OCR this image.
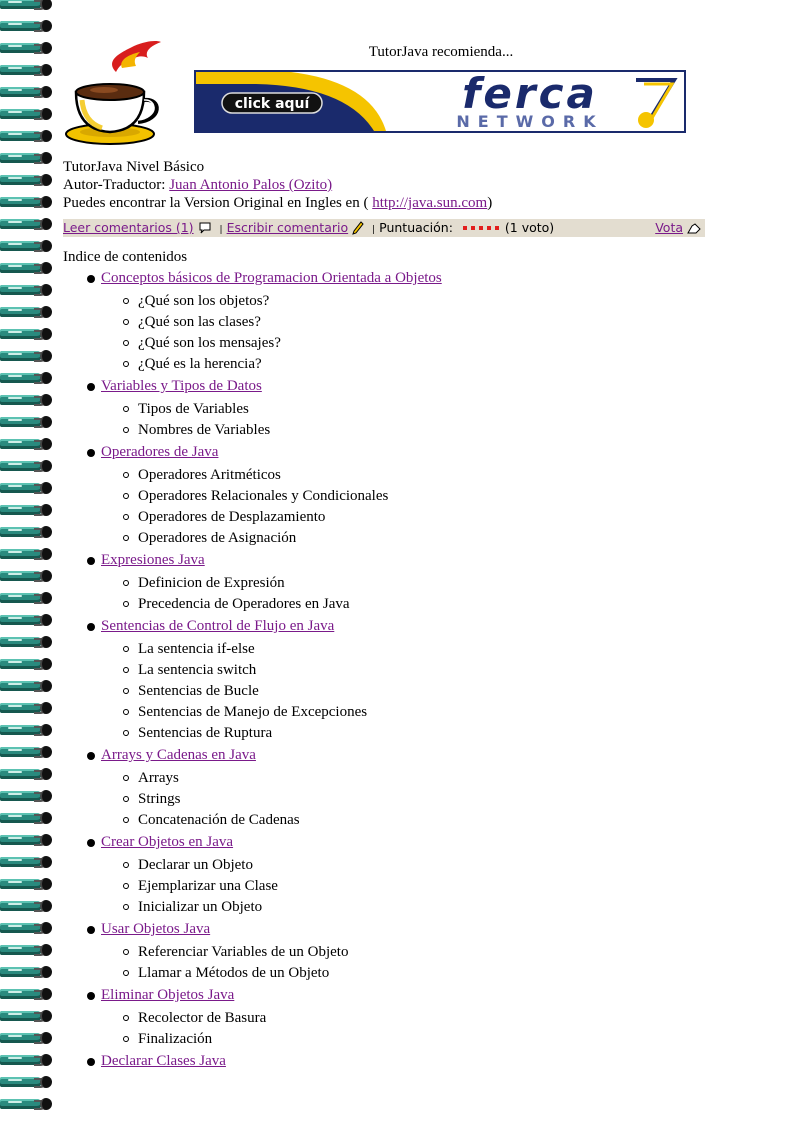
TutorJava recomienda...
click aquí	ferca
NETWORK
TutorJava Nivel Básico
Autor-Traductor: Juan Antonio Palos (Ozito)
Puedes encontrar la Version Original en Ingles en ( http://java.sun.com)
Leer comentarios (1)	| Escribir comentario	| Puntuación:	(1 voto)	Vota
Indice de contenidos
Conceptos básicos de Programacion Orientada a Objetos
¿Qué son los objetos?
¿Qué son las clases?
¿Qué son los mensajes?
¿Qué es la herencia?
Variables y Tipos de Datos
Tipos de Variables
Nombres de Variables
Operadores de Java
Operadores Aritméticos
Operadores Relacionales y Condicionales
Operadores de Desplazamiento
Operadores de Asignación
Expresiones Java
Definicion de Expresión
Precedencia de Operadores en Java
Sentencias de Control de Flujo en Java
La sentencia if-else
La sentencia switch
Sentencias de Bucle
Sentencias de Manejo de Excepciones
Sentencias de Ruptura
Arrays y Cadenas en Java
Arrays
Strings
Concatenación de Cadenas
Crear Objetos en Java
Declarar un Objeto
Ejemplarizar una Clase
Inicializar un Objeto
Usar Objetos Java
Referenciar Variables de un Objeto
Llamar a Métodos de un Objeto
Eliminar Objetos Java
Recolector de Basura
Finalización
Declarar Clases Java
